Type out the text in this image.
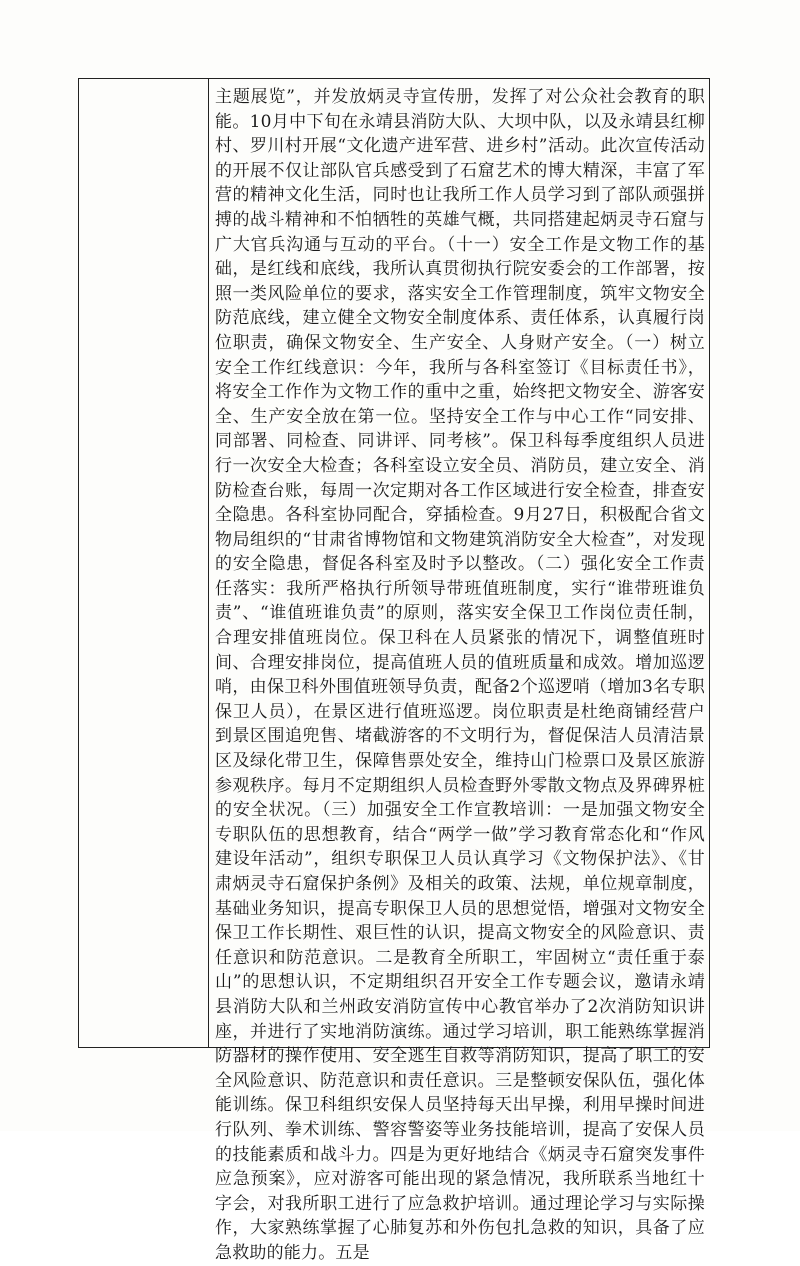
主题展览”，并发放炳灵寺宣传册，发挥了对公众社会教育的职能。10月中下旬在永靖县消防大队、大坝中队，以及永靖县红柳村、罗川村开展“文化遗产进军营、进乡村”活动。此次宣传活动的开展不仅让部队官兵感受到了石窟艺术的博大精深，丰富了军营的精神文化生活，同时也让我所工作人员学习到了部队顽强拼搏的战斗精神和不怕牺牲的英雄气概，共同搭建起炳灵寺石窟与广大官兵沟通与互动的平台。（十一）安全工作是文物工作的基础，是红线和底线，我所认真贯彻执行院安委会的工作部署，按照一类风险单位的要求，落实安全工作管理制度，筑牢文物安全防范底线，建立健全文物安全制度体系、责任体系，认真履行岗位职责，确保文物安全、生产安全、人身财产安全。（一）树立安全工作红线意识：今年，我所与各科室签订《目标责任书》，将安全工作作为文物工作的重中之重，始终把文物安全、游客安全、生产安全放在第一位。坚持安全工作与中心工作“同安排、同部署、同检查、同讲评、同考核”。保卫科每季度组织人员进行一次安全大检查；各科室设立安全员、消防员，建立安全、消防检查台账，每周一次定期对各工作区域进行安全检查，排查安全隐患。各科室协同配合，穿插检查。9月27日，积极配合省文物局组织的“甘肃省博物馆和文物建筑消防安全大检查”，对发现的安全隐患，督促各科室及时予以整改。（二）强化安全工作责任落实：我所严格执行所领导带班值班制度，实行“谁带班谁负责”、“谁值班谁负责”的原则，落实安全保卫工作岗位责任制，合理安排值班岗位。保卫科在人员紧张的情况下，调整值班时间、合理安排岗位，提高值班人员的值班质量和成效。增加巡逻哨，由保卫科外围值班领导负责，配备2个巡逻哨（增加3名专职保卫人员），在景区进行值班巡逻。岗位职责是杜绝商铺经营户到景区围追兜售、堵截游客的不文明行为，督促保洁人员清洁景区及绿化带卫生，保障售票处安全，维持山门检票口及景区旅游参观秩序。每月不定期组织人员检查野外零散文物点及界碑界桩的安全状况。（三）加强安全工作宣教培训：一是加强文物安全专职队伍的思想教育，结合“两学一做”学习教育常态化和“作风建设年活动”，组织专职保卫人员认真学习《文物保护法》、《甘肃炳灵寺石窟保护条例》及相关的政策、法规，单位规章制度，基础业务知识，提高专职保卫人员的思想觉悟，增强对文物安全保卫工作长期性、艰巨性的认识，提高文物安全的风险意识、责任意识和防范意识。二是教育全所职工，牢固树立“责任重于泰山”的思想认识，不定期组织召开安全工作专题会议，邀请永靖县消防大队和兰州政安消防宣传中心教官举办了2次消防知识讲座，并进行了实地消防演练。通过学习培训，职工能熟练掌握消防器材的操作使用、安全逃生自救等消防知识，提高了职工的安全风险意识、防范意识和责任意识。三是整顿安保队伍，强化体能训练。保卫科组织安保人员坚持每天出早操，利用早操时间进行队列、拳术训练、警容警姿等业务技能培训，提高了安保人员的技能素质和战斗力。四是为更好地结合《炳灵寺石窟突发事件应急预案》，应对游客可能出现的紧急情况，我所联系当地红十字会，对我所职工进行了应急救护培训。通过理论学习与实际操作，大家熟练掌握了心肺复苏和外伤包扎急救的知识，具备了应急救助的能力。五是
